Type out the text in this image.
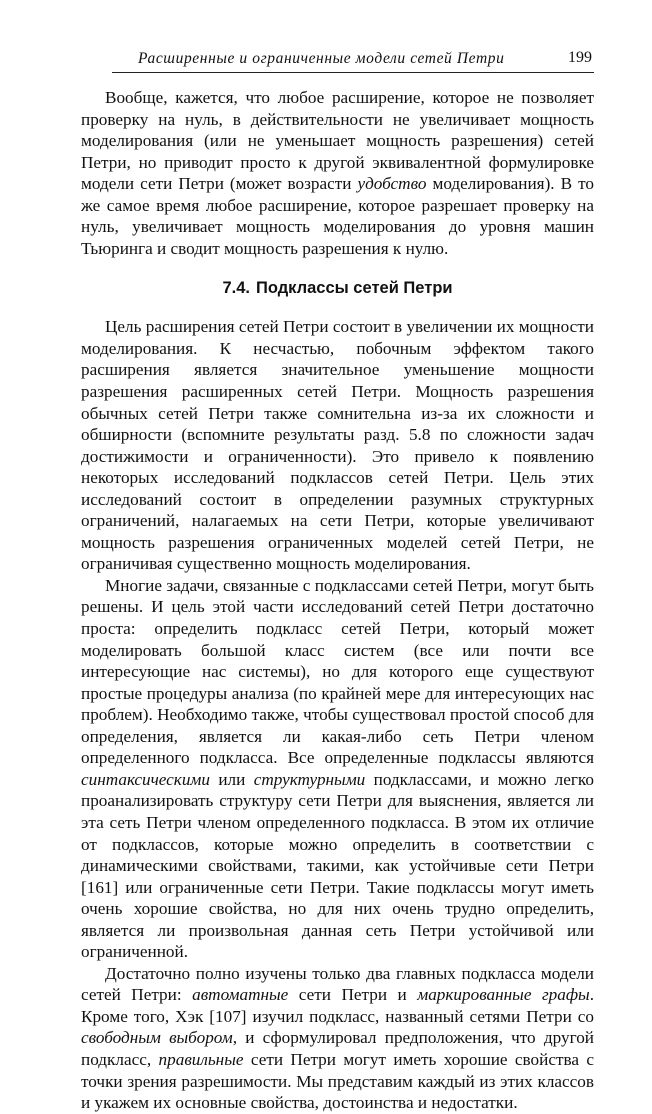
Расширенные и ограниченные модели сетей Петри	199

Вообще, кажется, что любое расширение, которое не позволяет проверку на нуль, в действительности не увеличивает мощность моделирования (или не уменьшает мощность разрешения) сетей Петри, но приводит просто к другой эквивалентной формулировке модели сети Петри (может возрасти удобство моделирования). В то же самое время любое расширение, которое разрешает проверку на нуль, увеличивает мощность моделирования до уровня машин Тьюринга и сводит мощность разрешения к нулю.

7.4. Подклассы сетей Петри

Цель расширения сетей Петри состоит в увеличении их мощности моделирования. К несчастью, побочным эффектом такого расширения является значительное уменьшение мощности разрешения расширенных сетей Петри. Мощность разрешения обычных сетей Петри также сомнительна из-за их сложности и обширности (вспомните результаты разд. 5.8 по сложности задач достижимости и ограниченности). Это привело к появлению некоторых исследований подклассов сетей Петри. Цель этих исследований состоит в определении разумных структурных ограничений, налагаемых на сети Петри, которые увеличивают мощность разрешения ограниченных моделей сетей Петри, не ограничивая существенно мощность моделирования.

Многие задачи, связанные с подклассами сетей Петри, могут быть решены. И цель этой части исследований сетей Петри достаточно проста: определить подкласс сетей Петри, который может моделировать большой класс систем (все или почти все интересующие нас системы), но для которого еще существуют простые процедуры анализа (по крайней мере для интересующих нас проблем). Необходимо также, чтобы существовал простой способ для определения, является ли какая-либо сеть Петри членом определенного подкласса. Все определенные подклассы являются синтаксическими или структурными подклассами, и можно легко проанализировать структуру сети Петри для выяснения, является ли эта сеть Петри членом определенного подкласса. В этом их отличие от подклассов, которые можно определить в соответствии с динамическими свойствами, такими, как устойчивые сети Петри [161] или ограниченные сети Петри. Такие подклассы могут иметь очень хорошие свойства, но для них очень трудно определить, является ли произвольная данная сеть Петри устойчивой или ограниченной.

Достаточно полно изучены только два главных подкласса модели сетей Петри: автоматные сети Петри и маркированные графы. Кроме того, Хэк [107] изучил подкласс, названный сетями Петри со свободным выбором, и сформулировал предположения, что другой подкласс, правильные сети Петри могут иметь хорошие свойства с точки зрения разрешимости. Мы представим каждый из этих классов и укажем их основные свойства, достоинства и недостатки.
